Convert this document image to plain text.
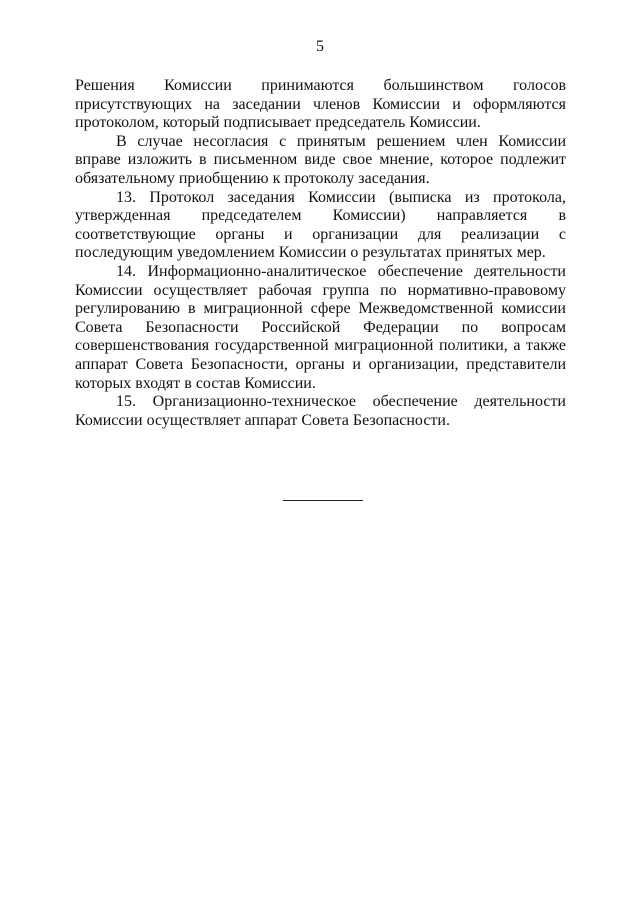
5

Решения Комиссии принимаются большинством голосов присутствующих на заседании членов Комиссии и оформляются протоколом, который подписывает председатель Комиссии.

В случае несогласия с принятым решением член Комиссии вправе изложить в письменном виде свое мнение, которое подлежит обязательному приобщению к протоколу заседания.

13. Протокол заседания Комиссии (выписка из протокола, утвержденная председателем Комиссии) направляется в соответствующие органы и организации для реализации с последующим уведомлением Комиссии о результатах принятых мер.

14. Информационно-аналитическое обеспечение деятельности Комиссии осуществляет рабочая группа по нормативно-правовому регулированию в миграционной сфере Межведомственной комиссии Совета Безопасности Российской Федерации по вопросам совершенствования государственной миграционной политики, а также аппарат Совета Безопасности, органы и организации, представители которых входят в состав Комиссии.

15. Организационно-техническое обеспечение деятельности Комиссии осуществляет аппарат Совета Безопасности.
